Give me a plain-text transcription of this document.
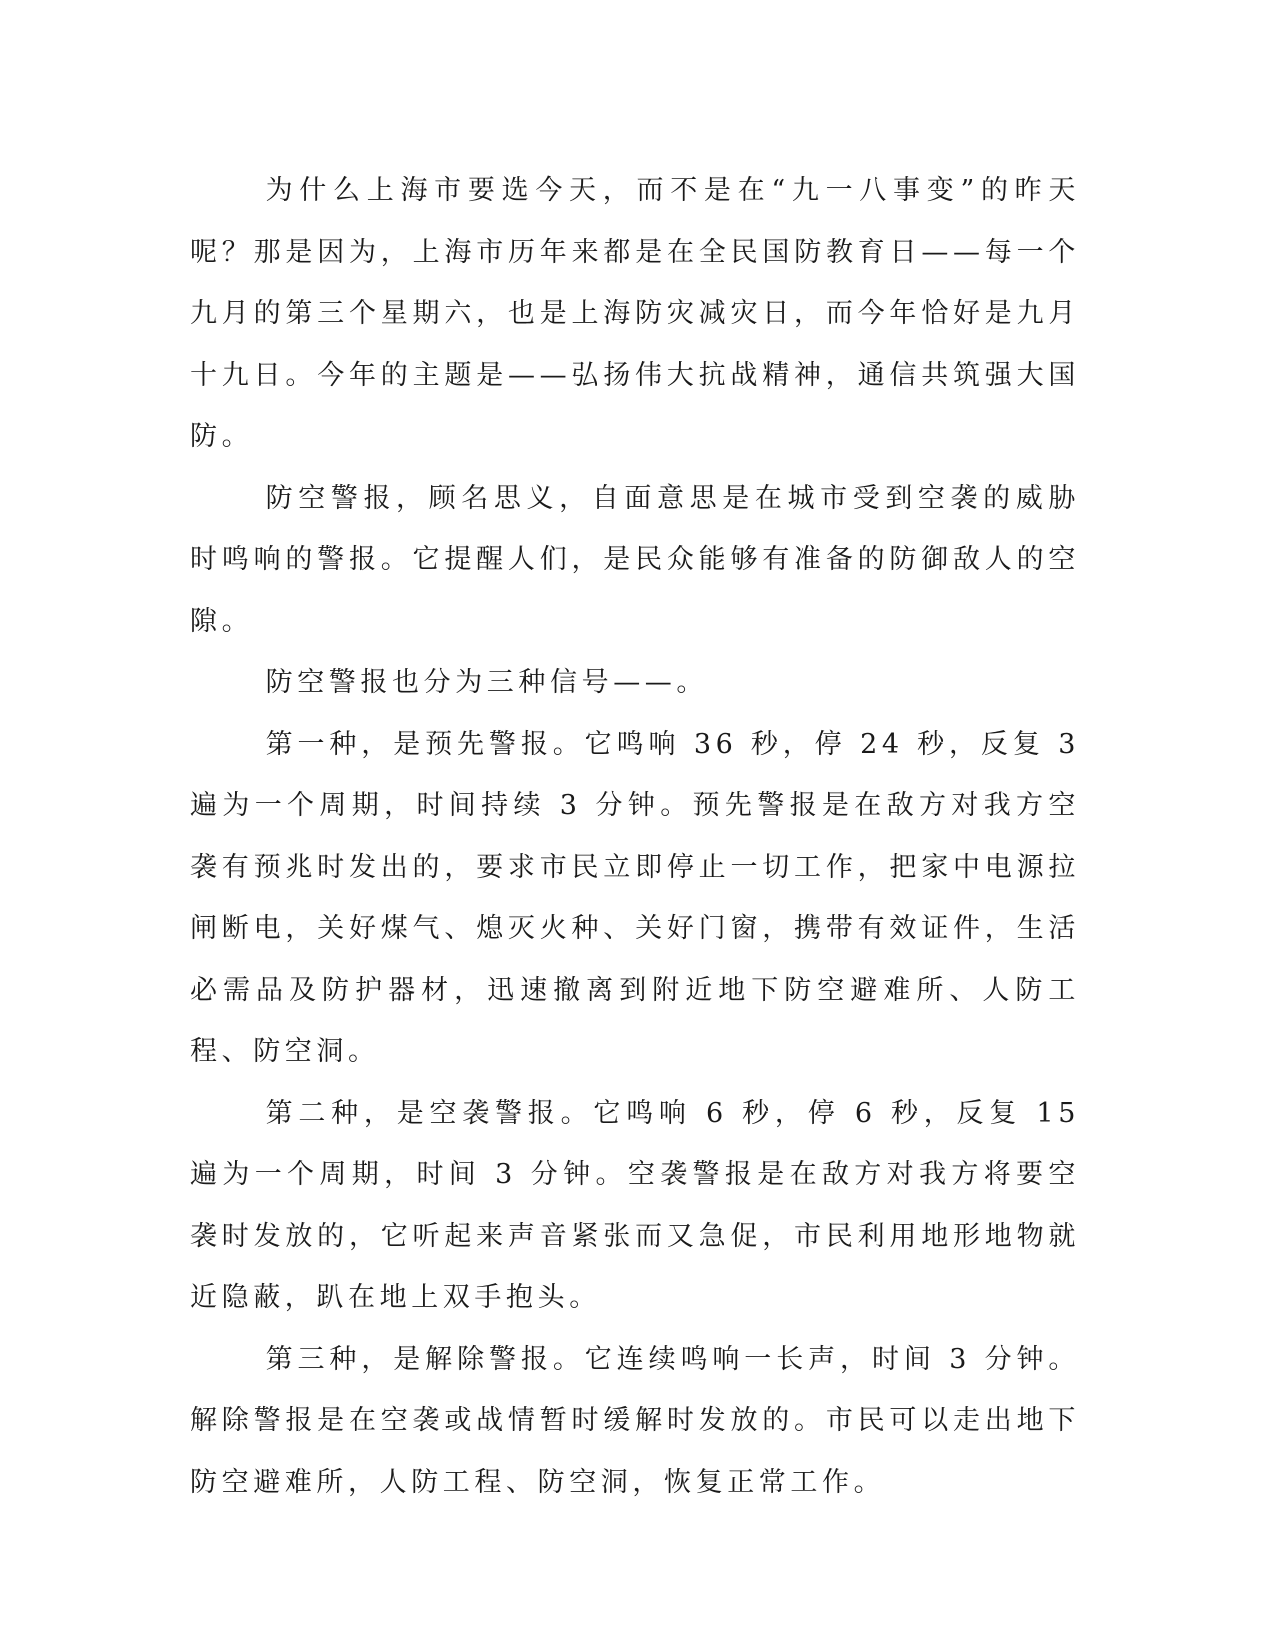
为什么上海市要选今天，而不是在“九一八事变”的昨天呢？那是因为，上海市历年来都是在全民国防教育日——每一个九月的第三个星期六，也是上海防灾减灾日，而今年恰好是九月十九日。今年的主题是——弘扬伟大抗战精神，通信共筑强大国防。

防空警报，顾名思义，自面意思是在城市受到空袭的威胁时鸣响的警报。它提醒人们，是民众能够有准备的防御敌人的空隙。

防空警报也分为三种信号——。

第一种，是预先警报。它鸣响 36 秒，停 24 秒，反复 3 遍为一个周期，时间持续 3 分钟。预先警报是在敌方对我方空袭有预兆时发出的，要求市民立即停止一切工作，把家中电源拉闸断电，关好煤气、熄灭火种、关好门窗，携带有效证件，生活必需品及防护器材，迅速撤离到附近地下防空避难所、人防工程、防空洞。

第二种，是空袭警报。它鸣响 6 秒，停 6 秒，反复 15 遍为一个周期，时间 3 分钟。空袭警报是在敌方对我方将要空袭时发放的，它听起来声音紧张而又急促，市民利用地形地物就近隐蔽，趴在地上双手抱头。

第三种，是解除警报。它连续鸣响一长声，时间 3 分钟。解除警报是在空袭或战情暂时缓解时发放的。市民可以走出地下防空避难所，人防工程、防空洞，恢复正常工作。
